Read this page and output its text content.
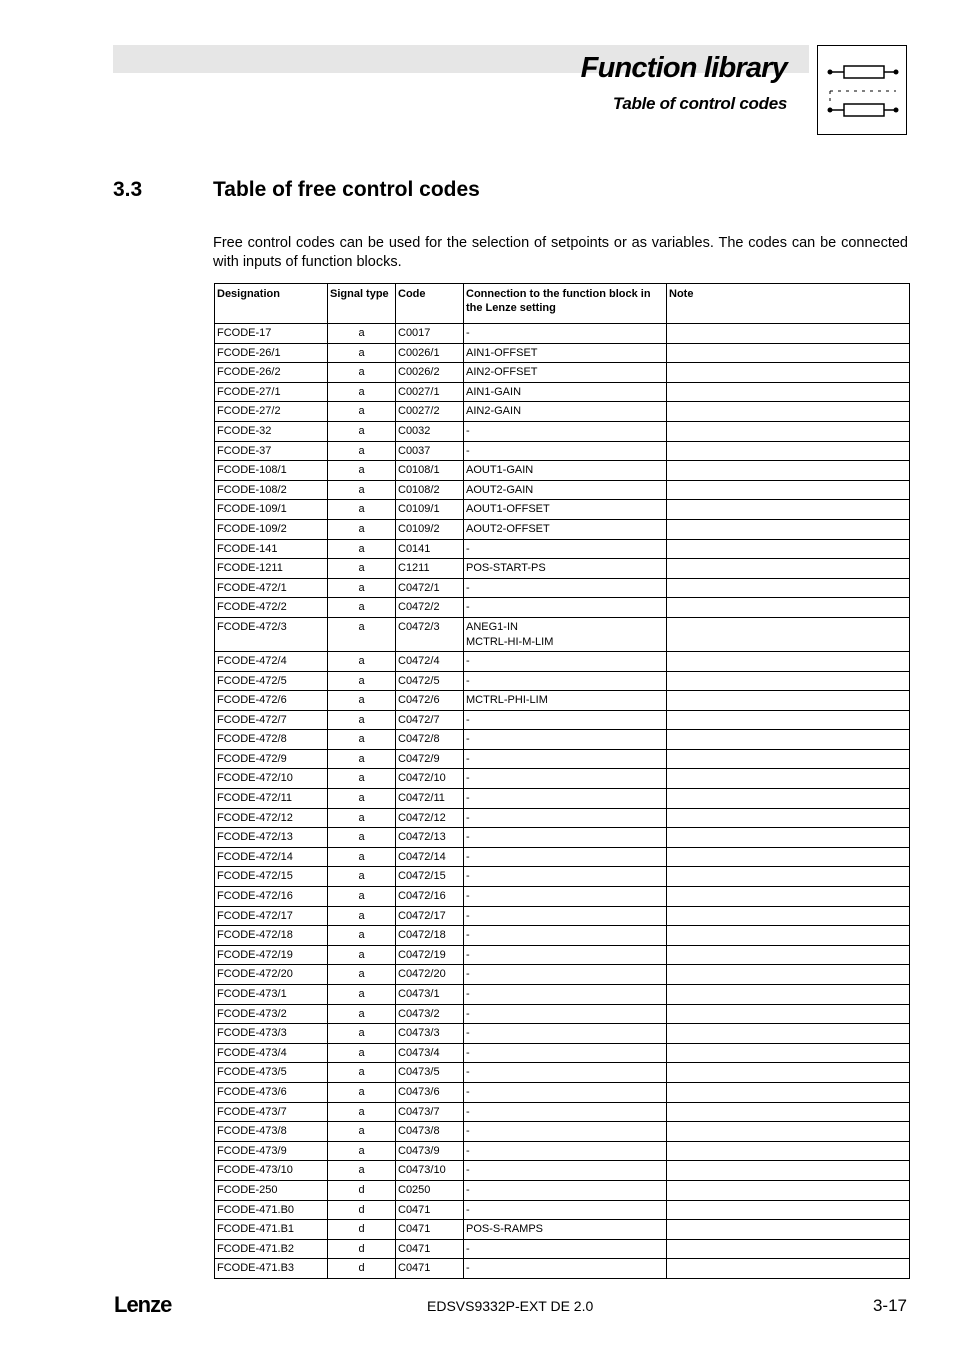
Function library
Table of control codes
3.3	Table of free control codes

Free control codes can be used for the selection of setpoints or as variables. The codes can be connected with inputs of function blocks.

Designation	Signal type	Code	Connection to the function block in the Lenze setting	Note
FCODE-17	a	C0017	-	
FCODE-26/1	a	C0026/1	AIN1-OFFSET	
FCODE-26/2	a	C0026/2	AIN2-OFFSET	
FCODE-27/1	a	C0027/1	AIN1-GAIN	
FCODE-27/2	a	C0027/2	AIN2-GAIN	
FCODE-32	a	C0032	-	
FCODE-37	a	C0037	-	
FCODE-108/1	a	C0108/1	AOUT1-GAIN	
FCODE-108/2	a	C0108/2	AOUT2-GAIN	
FCODE-109/1	a	C0109/1	AOUT1-OFFSET	
FCODE-109/2	a	C0109/2	AOUT2-OFFSET	
FCODE-141	a	C0141	-	
FCODE-1211	a	C1211	POS-START-PS	
FCODE-472/1	a	C0472/1	-	
FCODE-472/2	a	C0472/2	-	
FCODE-472/3	a	C0472/3	ANEG1-IN
MCTRL-HI-M-LIM	

FCODE-472/4	a	C0472/4	-	
FCODE-472/5	a	C0472/5	-	
FCODE-472/6	a	C0472/6	MCTRL-PHI-LIM	
FCODE-472/7	a	C0472/7	-	
FCODE-472/8	a	C0472/8	-	
FCODE-472/9	a	C0472/9	-	
FCODE-472/10	a	C0472/10	-	
FCODE-472/11	a	C0472/11	-	
FCODE-472/12	a	C0472/12	-	
FCODE-472/13	a	C0472/13	-	
FCODE-472/14	a	C0472/14	-	
FCODE-472/15	a	C0472/15	-	
FCODE-472/16	a	C0472/16	-	
FCODE-472/17	a	C0472/17	-	
FCODE-472/18	a	C0472/18	-	
FCODE-472/19	a	C0472/19	-	
FCODE-472/20	a	C0472/20	-	
FCODE-473/1	a	C0473/1	-	
FCODE-473/2	a	C0473/2	-	
FCODE-473/3	a	C0473/3	-	
FCODE-473/4	a	C0473/4	-	
FCODE-473/5	a	C0473/5	-	
FCODE-473/6	a	C0473/6	-	
FCODE-473/7	a	C0473/7	-	
FCODE-473/8	a	C0473/8	-	
FCODE-473/9	a	C0473/9	-	
FCODE-473/10	a	C0473/10	-	
FCODE-250	d	C0250	-	
FCODE-471.B0	d	C0471	-	
FCODE-471.B1	d	C0471	POS-S-RAMPS	
FCODE-471.B2	d	C0471	-	
FCODE-471.B3	d	C0471	-	
Lenze	EDSVS9332P-EXT DE 2.0	3-17
